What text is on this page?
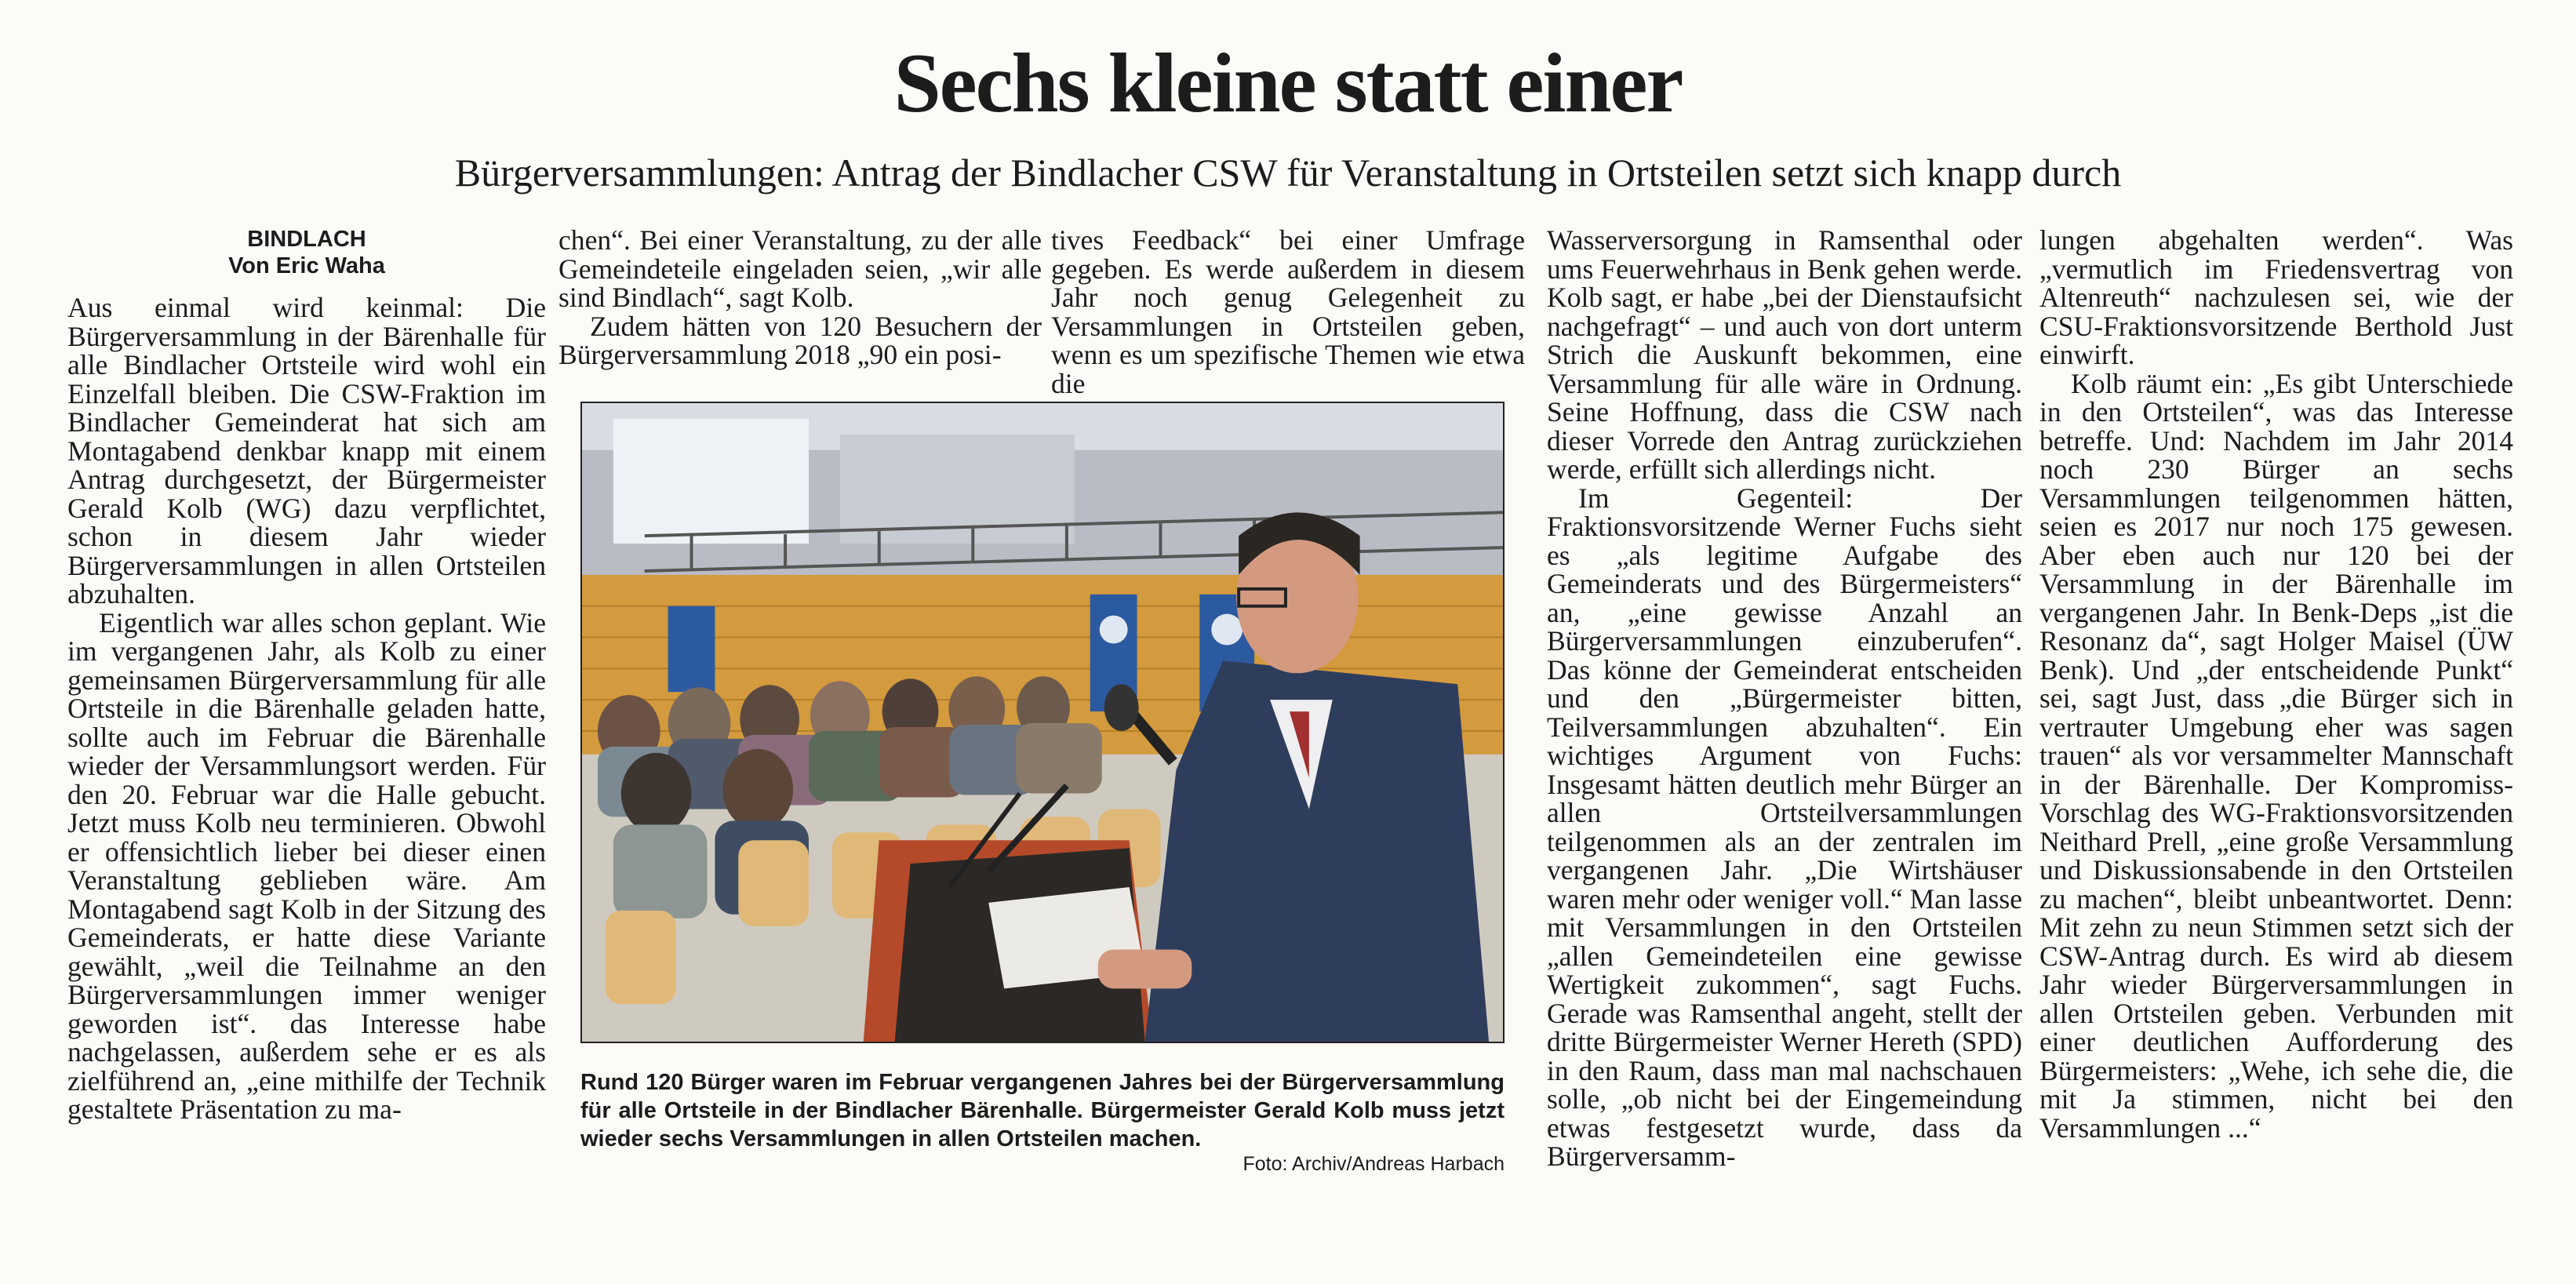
Sechs kleine statt einer
Bürgerversammlungen: Antrag der Bindlacher CSW für Veranstaltung in Ortsteilen setzt sich knapp durch
BINDLACH
Von Eric Waha

Aus einmal wird keinmal: Die Bürgerversammlung in der Bärenhalle für alle Bindlacher Ortsteile wird wohl ein Einzelfall bleiben. Die CSW-Fraktion im Bindlacher Gemeinderat hat sich am Montagabend denkbar knapp mit einem Antrag durchgesetzt, der Bürgermeister Gerald Kolb (WG) dazu verpflichtet, schon in diesem Jahr wieder Bürgerversammlungen in allen Ortsteilen abzuhalten.

Eigentlich war alles schon geplant. Wie im vergangenen Jahr, als Kolb zu einer gemeinsamen Bürgerversammlung für alle Ortsteile in die Bärenhalle geladen hatte, sollte auch im Februar die Bärenhalle wieder der Versammlungsort werden. Für den 20. Februar war die Halle gebucht. Jetzt muss Kolb neu terminieren. Obwohl er offensichtlich lieber bei dieser einen Veranstaltung geblieben wäre. Am Montagabend sagt Kolb in der Sitzung des Gemeinderats, er hatte diese Variante gewählt, „weil die Teilnahme an den Bürgerversammlungen immer weniger geworden ist“. das Interesse habe nachgelassen, außerdem sehe er es als zielführend an, „eine mithilfe der Technik gestaltete Präsentation zu ma-

chen“. Bei einer Veranstaltung, zu der alle Gemeindeteile eingeladen seien, „wir alle sind Bindlach“, sagt Kolb.

Zudem hätten von 120 Besuchern der Bürgerversammlung 2018 „90 ein posi-

tives Feedback“ bei einer Umfrage gegeben. Es werde außerdem in diesem Jahr noch genug Gelegenheit zu Versammlungen in Ortsteilen geben, wenn es um spezifische Themen wie etwa die

Wasserversorgung in Ramsenthal oder ums Feuerwehrhaus in Benk gehen werde. Kolb sagt, er habe „bei der Dienstaufsicht nachgefragt“ – und auch von dort unterm Strich die Auskunft bekommen, eine Versammlung für alle wäre in Ordnung. Seine Hoffnung, dass die CSW nach dieser Vorrede den Antrag zurückziehen werde, erfüllt sich allerdings nicht.

Im Gegenteil: Der Fraktionsvorsitzende Werner Fuchs sieht es „als legitime Aufgabe des Gemeinderats und des Bürgermeisters“ an, „eine gewisse Anzahl an Bürgerversammlungen einzuberufen“. Das könne der Gemeinderat entscheiden und den „Bürgermeister bitten, Teilversammlungen abzuhalten“. Ein wichtiges Argument von Fuchs: Insgesamt hätten deutlich mehr Bürger an allen Ortsteilversammlungen teilgenommen als an der zentralen im vergangenen Jahr. „Die Wirtshäuser waren mehr oder weniger voll.“ Man lasse mit Versammlungen in den Ortsteilen „allen Gemeindeteilen eine gewisse Wertigkeit zukommen“, sagt Fuchs. Gerade was Ramsenthal angeht, stellt der dritte Bürgermeister Werner Hereth (SPD) in den Raum, dass man mal nachschauen solle, „ob nicht bei der Eingemeindung etwas festgesetzt wurde, dass da Bürgerversamm-

lungen abgehalten werden“. Was „vermutlich im Friedensvertrag von Altenreuth“ nachzulesen sei, wie der CSU-Fraktionsvorsitzende Berthold Just einwirft.

Kolb räumt ein: „Es gibt Unterschiede in den Ortsteilen“, was das Interesse betreffe. Und: Nachdem im Jahr 2014 noch 230 Bürger an sechs Versammlungen teilgenommen hätten, seien es 2017 nur noch 175 gewesen. Aber eben auch nur 120 bei der Versammlung in der Bärenhalle im vergangenen Jahr. In Benk-Deps „ist die Resonanz da“, sagt Holger Maisel (ÜW Benk). Und „der entscheidende Punkt“ sei, sagt Just, dass „die Bürger sich in vertrauter Umgebung eher was sagen trauen“ als vor versammelter Mannschaft in der Bärenhalle. Der Kompromiss-Vorschlag des WG-Fraktionsvorsitzenden Neithard Prell, „eine große Versammlung und Diskussionsabende in den Ortsteilen zu machen“, bleibt unbeantwortet. Denn: Mit zehn zu neun Stimmen setzt sich der CSW-Antrag durch. Es wird ab diesem Jahr wieder Bürgerversammlungen in allen Ortsteilen geben. Verbunden mit einer deutlichen Aufforderung des Bürgermeisters: „Wehe, ich sehe die, die mit Ja stimmen, nicht bei den Versammlungen ...“

Rund 120 Bürger waren im Februar vergangenen Jahres bei der Bürgerversammlung für alle Ortsteile in der Bindlacher Bärenhalle. Bürgermeister Gerald Kolb muss jetzt wieder sechs Versammlungen in allen Ortsteilen machen.
Foto: Archiv/Andreas Harbach
